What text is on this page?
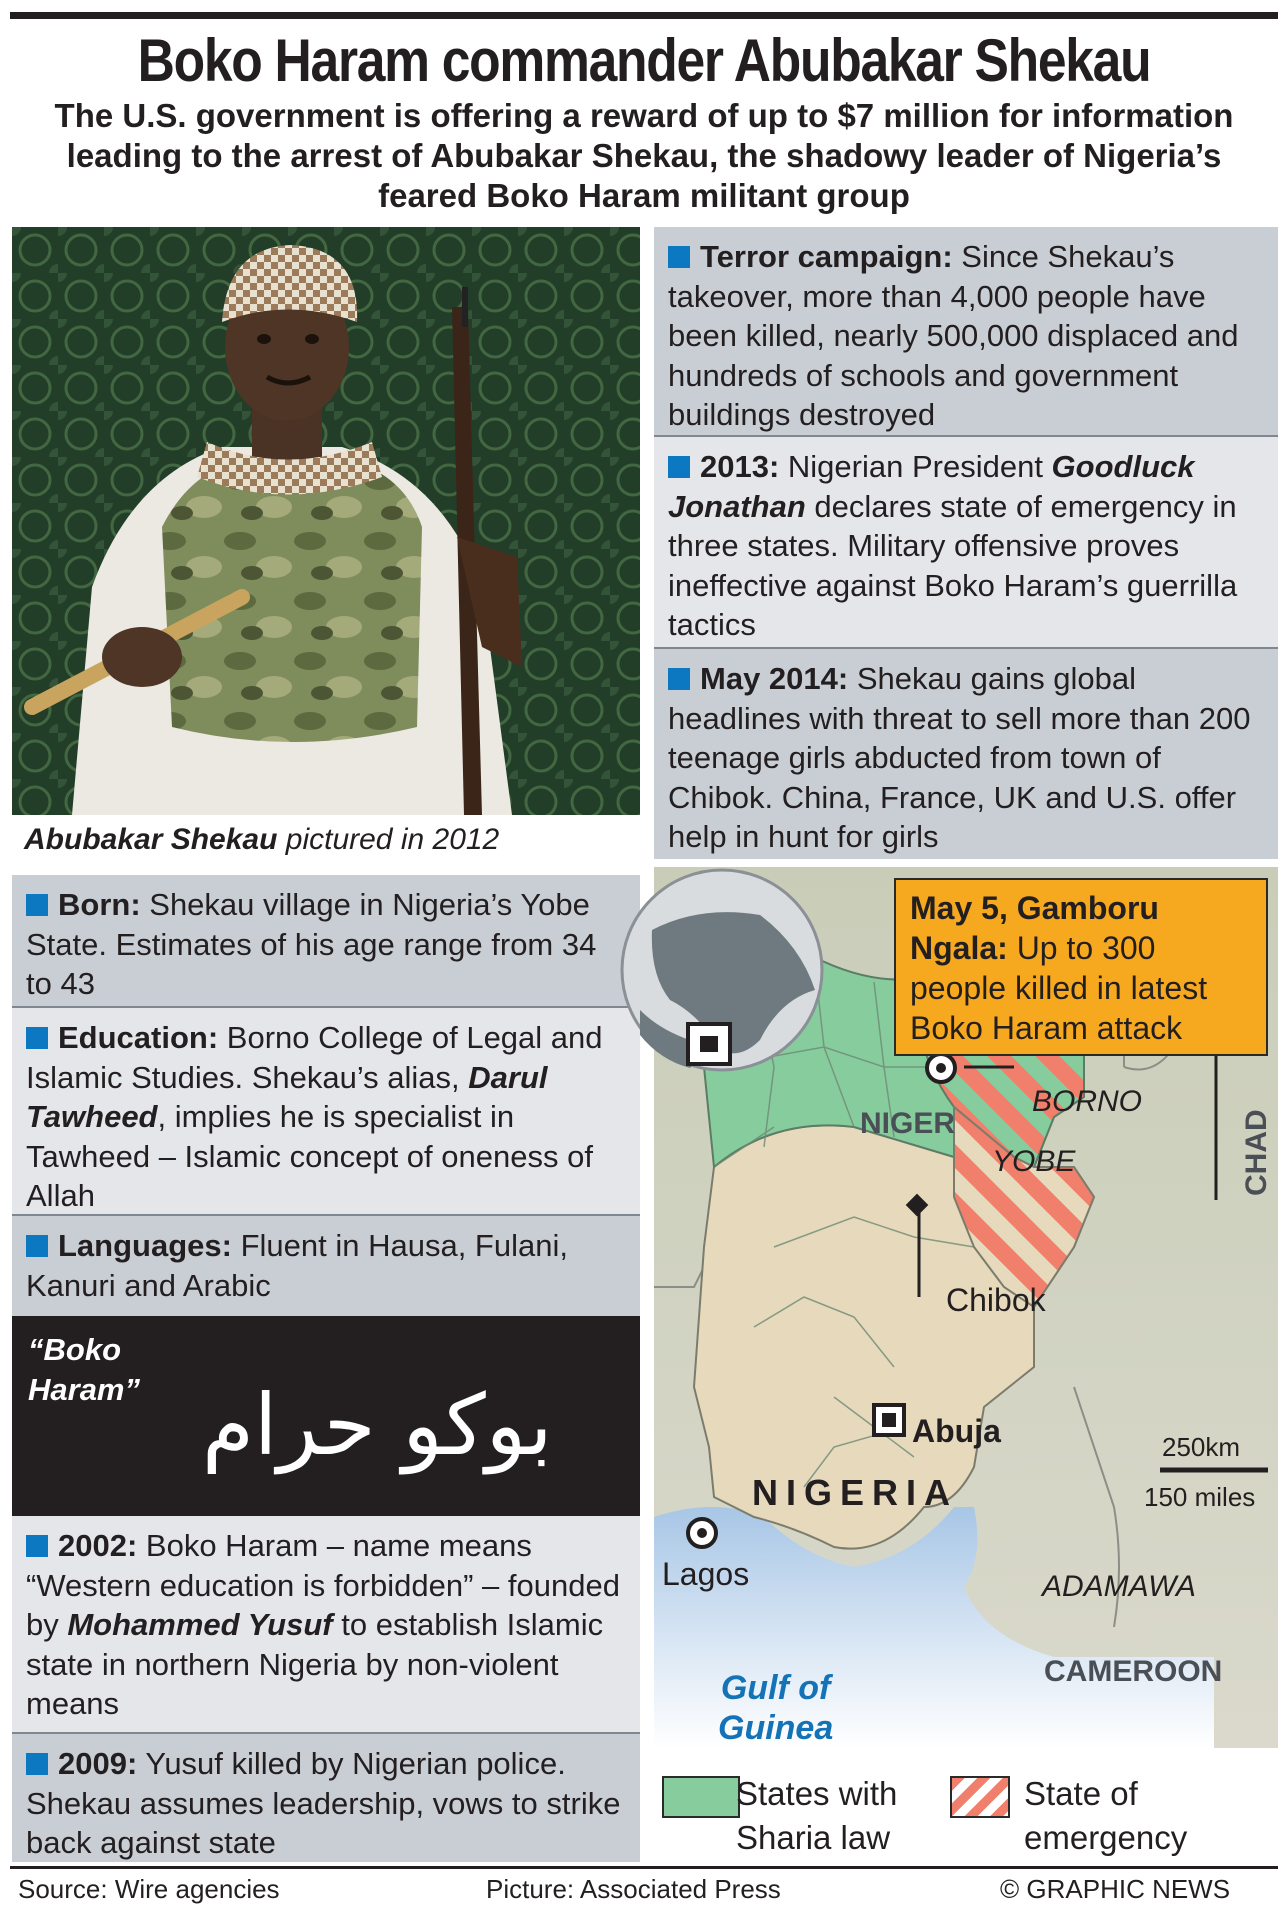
Boko Haram commander Abubakar Shekau
The U.S. government is offering a reward of up to $7 million for information leading to the arrest of Abubakar Shekau, the shadowy leader of Nigeria’s feared Boko Haram militant group
Abubakar Shekau pictured in 2012
Born: Shekau village in Nigeria’s Yobe State. Estimates of his age range from 34 to 43
Education: Borno College of Legal and Islamic Studies. Shekau’s alias, Darul Tawheed, implies he is specialist in Tawheed – Islamic concept of oneness of Allah
Languages: Fluent in Hausa, Fulani, Kanuri and Arabic
“Boko
Haram” بوكو حرام
2002: Boko Haram – name means “Western education is forbidden” – founded by Mohammed Yusuf to establish Islamic state in northern Nigeria by non-violent means
2009: Yusuf killed by Nigerian police. Shekau assumes leadership, vows to strike back against state
Terror campaign: Since Shekau’s takeover, more than 4,000 people have been killed, nearly 500,000 displaced and hundreds of schools and government buildings destroyed
2013: Nigerian President Goodluck Jonathan declares state of emergency in three states. Military offensive proves ineffective against Boko Haram’s guerrilla tactics
May 2014: Shekau gains global headlines with threat to sell more than 200 teenage girls abducted from town of Chibok. China, France, UK and U.S. offer help in hunt for girls
NIGER	CHAD
BORNO
YOBE
Chibok
Abuja
NIGERIA
Lagos
250km
150 miles
ADAMAWA
CAMEROON
Gulf of
Guinea
May 5, Gamboru Ngala: Up to 300 people killed in latest Boko Haram attack
States with
Sharia law
State of
emergency
Source: Wire agencies	Picture: Associated Press	© GRAPHIC NEWS
